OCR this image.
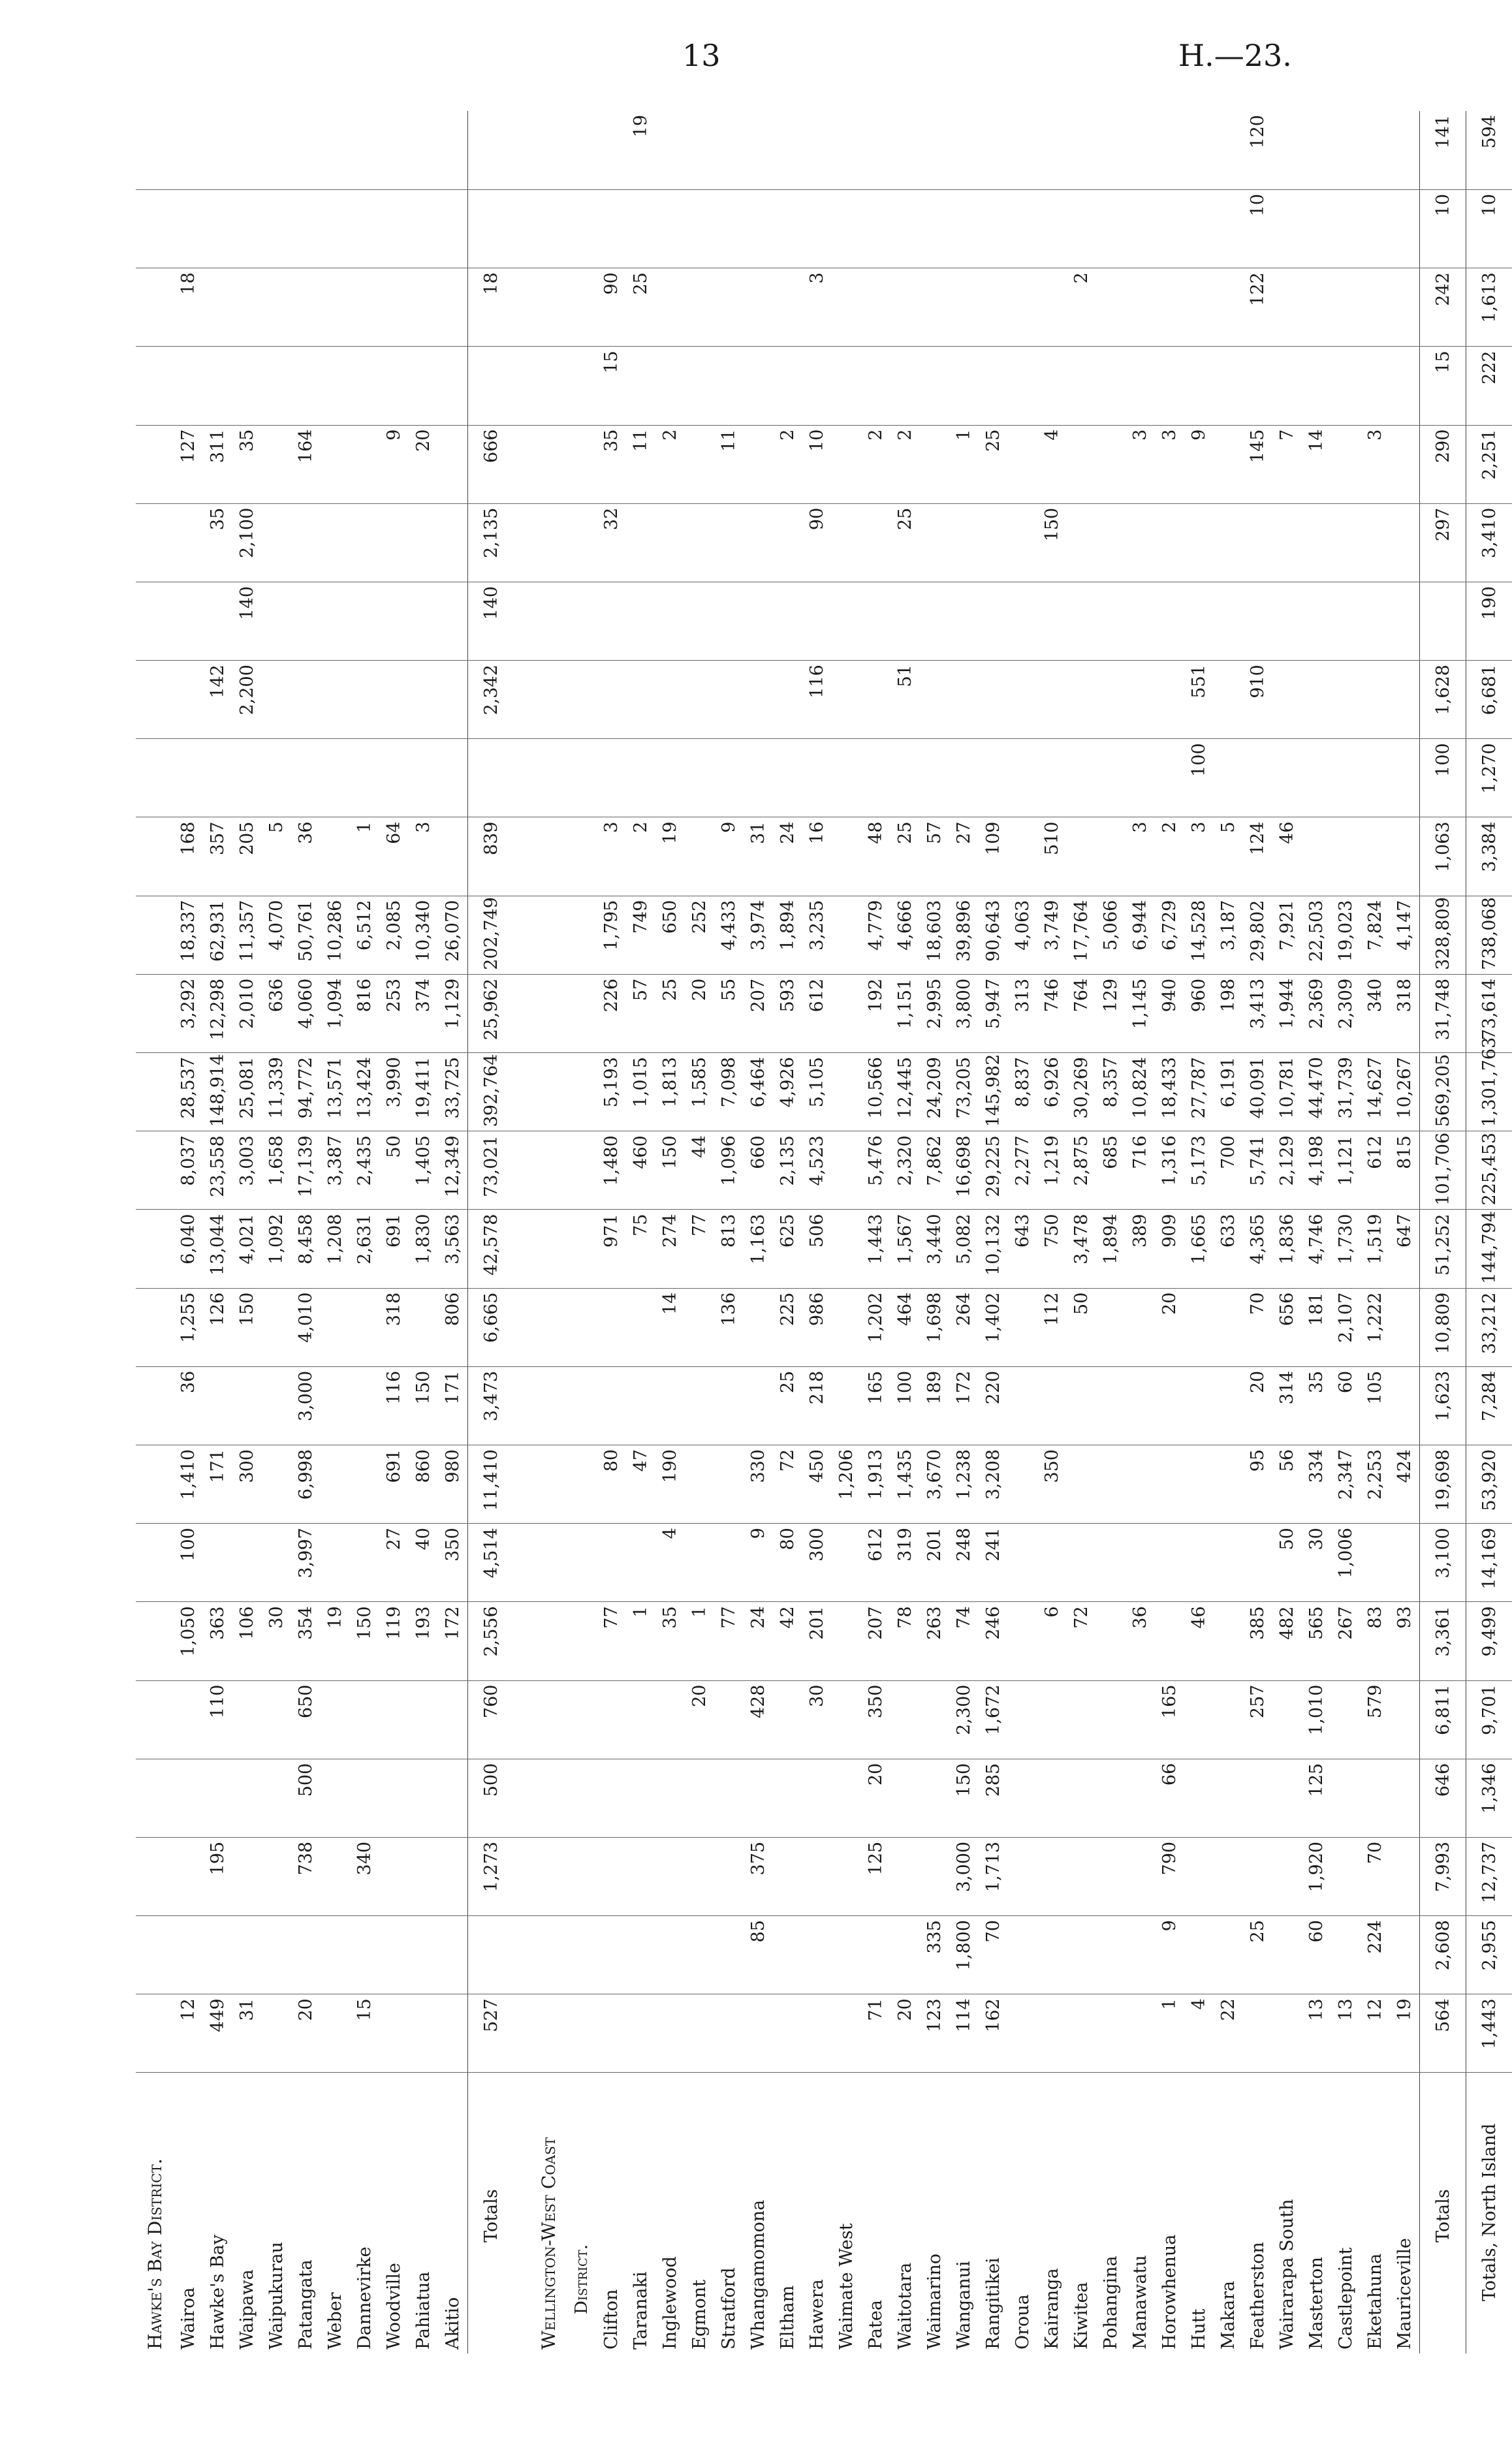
13	H.—23.
Hawke's Bay District.																									
Wairoa	12					1,050	100	1,410	36	1,255	6,040	8,037	28,537	3,292	18,337	168					127		18		
Hawke's Bay	449		195		110	363		171		126	13,044	23,558	148,914	12,298	62,931	357		142		35	311				
Waipawa	31					106		300		150	4,021	3,003	25,081	2,010	11,357	205		2,200	140	2,100	35				
Waipukurau						30					1,092	1,658	11,339	636	4,070	5									
Patangata	20		738	500	650	354	3,997	6,998	3,000	4,010	8,458	17,139	94,772	4,060	50,761	36					164				
Weber						19					1,208	3,387	13,571	1,094	10,286										
Dannevirke	15		340			150					2,631	2,435	13,424	816	6,512	1									
Woodville						119	27	691	116	318	691	50	3,990	253	2,085	64					9				
Pahiatua						193	40	860	150		1,830	1,405	19,411	374	10,340	3					20				
Akitio						172	350	980	171	806	3,563	12,349	33,725	1,129	26,070										
Totals	527		1,273	500	760	2,556	4,514	11,410	3,473	6,665	42,578	73,021	392,764	25,962	202,749	839		2,342	140	2,135	666		18		

Wellington-West Coast																									
District.																									
Clifton						77		80			971	1,480	5,193	226	1,795	3				32	35	15	90		
Taranaki						1		47			75	460	1,015	57	749	2					11		25		19
Inglewood						35	4	190		14	274	150	1,813	25	650	19					2				
Egmont					20	1					77	44	1,585	20	252										
Stratford						77				136	813	1,096	7,098	55	4,433	9					11				
Whangamomona		85	375		428	24	9	330			1,163	660	6,464	207	3,974	31									
Eltham						42	80	72	25	225	625	2,135	4,926	593	1,894	24					2				
Hawera					30	201	300	450	218	986	506	4,523	5,105	612	3,235	16		116		90	10		3		
Waimate West								1,206																	
Patea	71		125	20	350	207	612	1,913	165	1,202	1,443	5,476	10,566	192	4,779	48					2				
Waitotara	20					78	319	1,435	100	464	1,567	2,320	12,445	1,151	4,666	25		51		25	2				
Waimarino	123	335				263	201	3,670	189	1,698	3,440	7,862	24,209	2,995	18,603	57									
Wanganui	114	1,800	3,000	150	2,300	74	248	1,238	172	264	5,082	16,698	73,205	3,800	39,896	27					1				
Rangitikei	162	70	1,713	285	1,672	246	241	3,208	220	1,402	10,132	29,225	145,982	5,947	90,643	109					25				
Oroua											643	2,277	8,837	313	4,063										
Kairanga						6		350		112	750	1,219	6,926	746	3,749	510				150	4				
Kiwitea						72				50	3,478	2,875	30,269	764	17,764								2		
Pohangina											1,894	685	8,357	129	5,066										
Manawatu						36					389	716	10,824	1,145	6,944	3					3				
Horowhenua	1	9	790	66	165					20	909	1,316	18,433	940	6,729	2					3				
Hutt	4					46					1,665	5,173	27,787	960	14,528	3	100	551			9				
Makara	22										633	700	6,191	198	3,187	5									
Featherston		25			257	385		95	20	70	4,365	5,741	40,091	3,413	29,802	124		910			145		122	10	120
Wairarapa South						482	50	56	314	656	1,836	2,129	10,781	1,944	7,921	46					7				
Masterton	13	60	1,920	125	1,010	565	30	334	35	181	4,746	4,198	44,470	2,369	22,503						14				
Castlepoint	13					267	1,006	2,347	60	2,107	1,730	1,121	31,739	2,309	19,023										
Eketahuna	12	224	70		579	83		2,253	105	1,222	1,519	612	14,627	340	7,824						3				
Mauriceville	19					93		424			647	815	10,267	318	4,147										
Totals	564	2,608	7,993	646	6,811	3,361	3,100	19,698	1,623	10,809	51,252	101,706	569,205	31,748	328,809	1,063	100	1,628		297	290	15	242	10	141
Totals, North Island	1,443	2,955	12,737	1,346	9,701	9,499	14,169	53,920	7,284	33,212	144,794	225,453	1,301,763	73,614	738,068	3,384	1,270	6,681	190	3,410	2,251	222	1,613	10	594
